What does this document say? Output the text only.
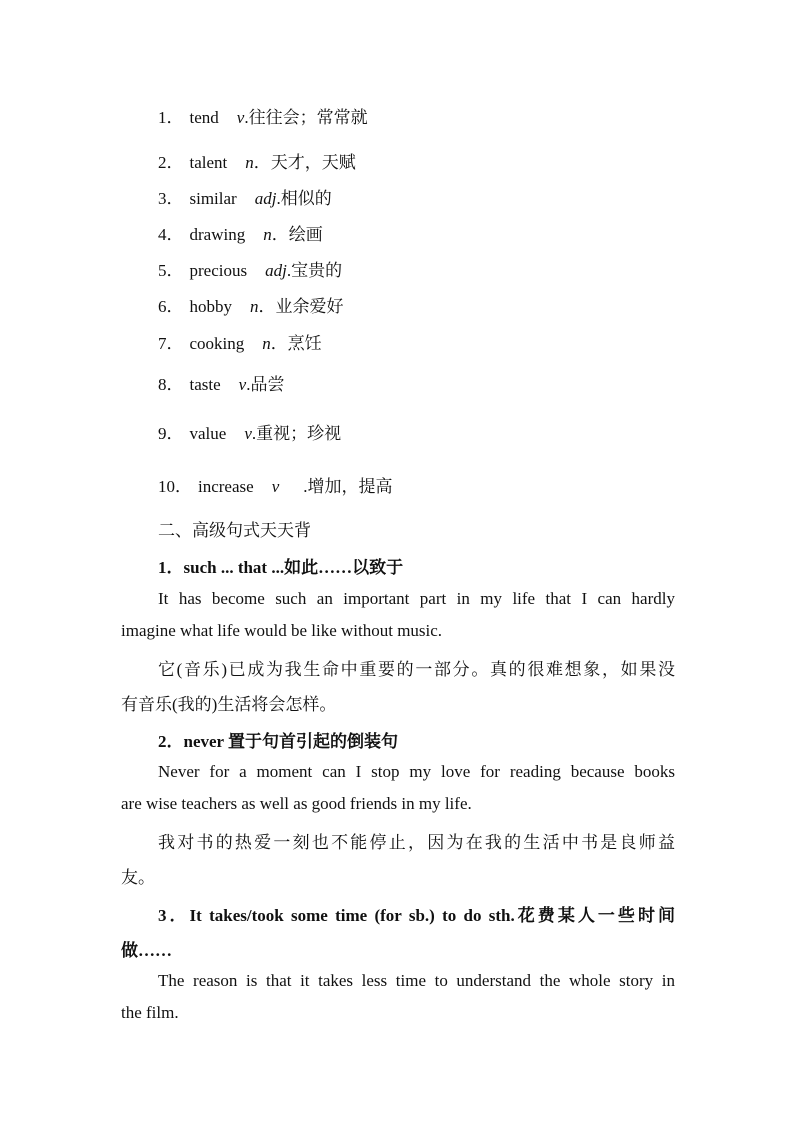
1． tend v.往往会；常常就
2． talent n．天才，天赋
3． similar adj.相似的
4． drawing n．绘画
5． precious adj.宝贵的
6． hobby n．业余爱好
7． cooking n．烹饪
8． taste v.品尝
9． value v.重视；珍视
10． increase v .增加，提高
二、高级句式天天背
1．such ... that ...如此……以致于
It has become such an important part in my life that I can hardly
imagine what life would be like without music.
它(音乐)已成为我生命中重要的一部分。真的很难想象，如果没
有音乐(我的)生活将会怎样。
2．never 置于句首引起的倒装句
Never for a moment can I stop my love for reading because books
are wise teachers as well as good friends in my life.
我对书的热爱一刻也不能停止，因为在我的生活中书是良师益
友。
3．It takes/took some time (for sb.) to do sth.花费某人一些时间
做……
The reason is that it takes less time to understand the whole story in
the film.
